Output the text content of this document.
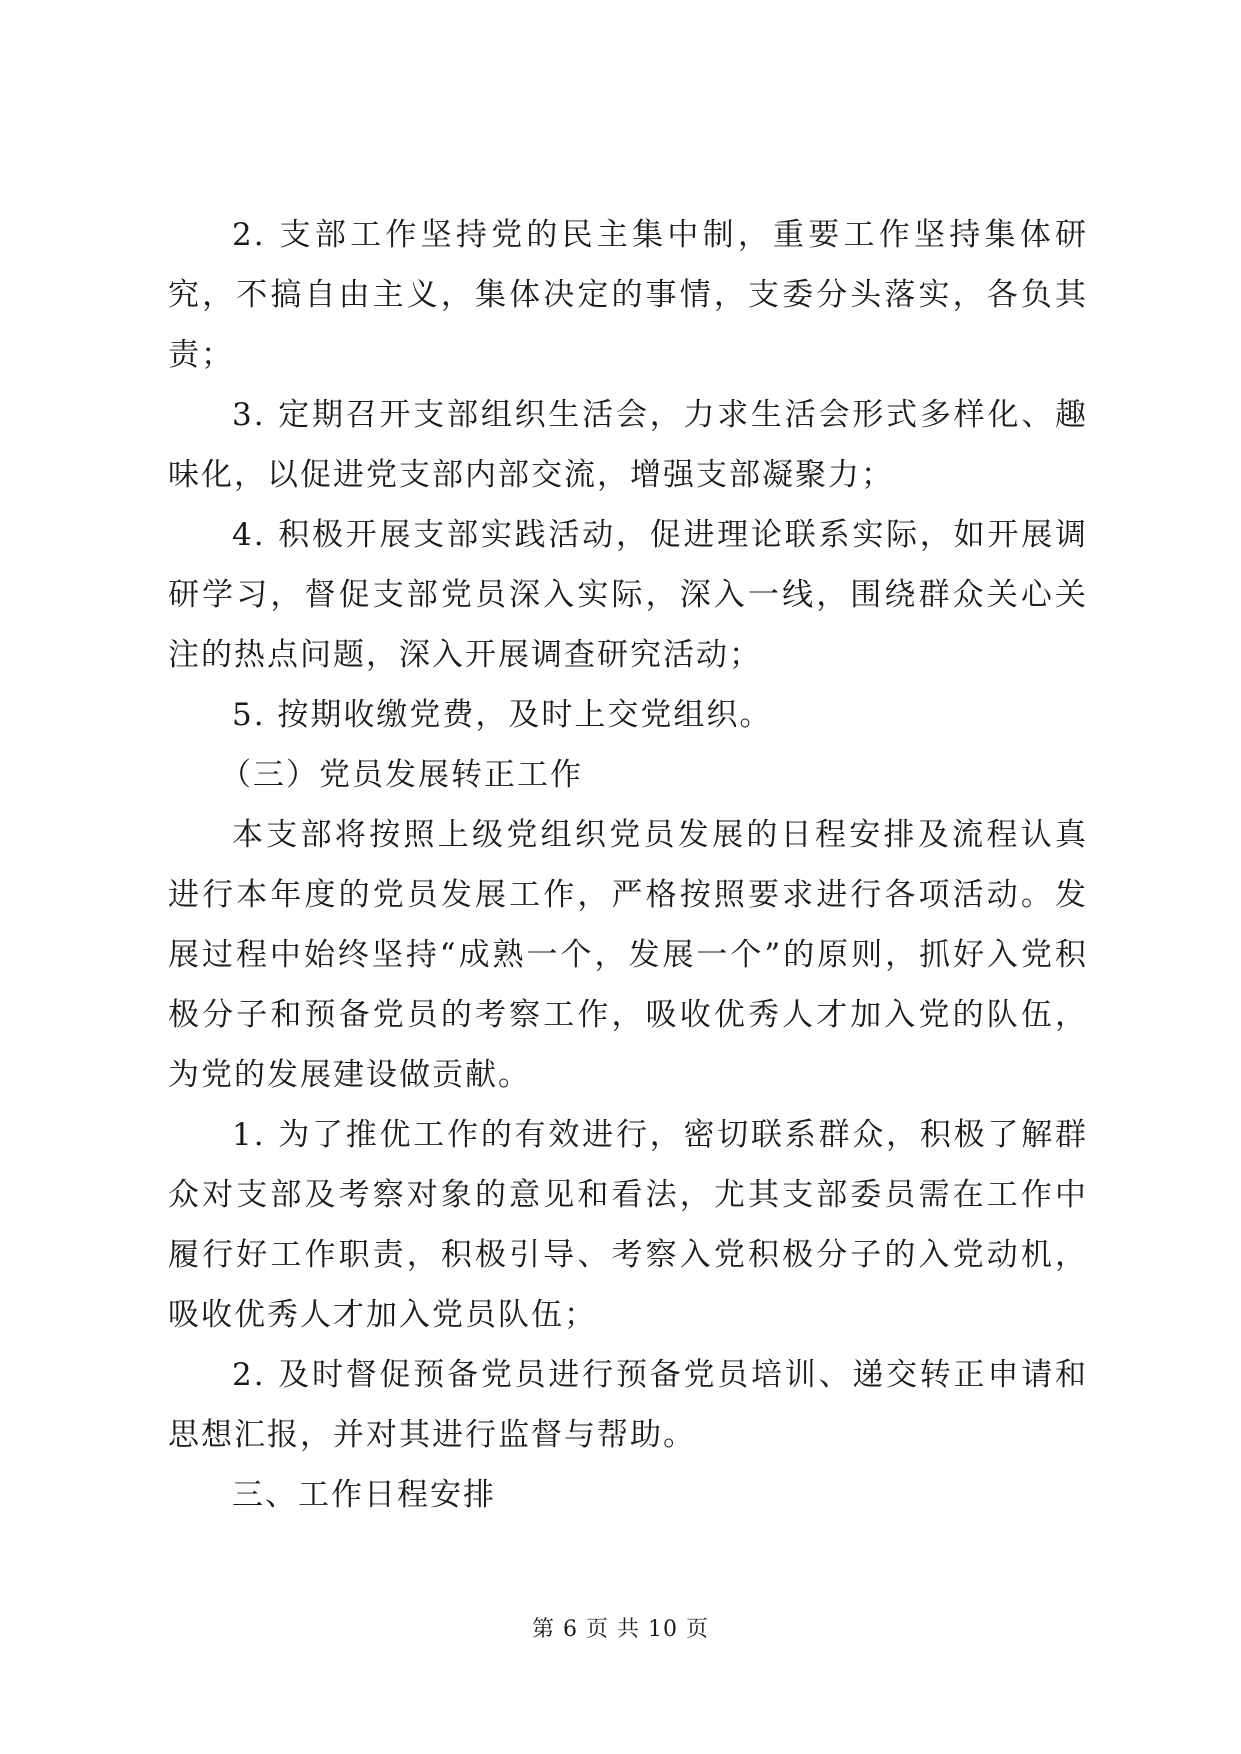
2. 支部工作坚持党的民主集中制，重要工作坚持集体研究，不搞自由主义，集体决定的事情，支委分头落实，各负其责；

3. 定期召开支部组织生活会，力求生活会形式多样化、趣味化，以促进党支部内部交流，增强支部凝聚力；

4. 积极开展支部实践活动，促进理论联系实际，如开展调研学习，督促支部党员深入实际，深入一线，围绕群众关心关注的热点问题，深入开展调查研究活动；

5. 按期收缴党费，及时上交党组织。

（三）党员发展转正工作

本支部将按照上级党组织党员发展的日程安排及流程认真进行本年度的党员发展工作，严格按照要求进行各项活动。发展过程中始终坚持“成熟一个，发展一个”的原则，抓好入党积极分子和预备党员的考察工作，吸收优秀人才加入党的队伍，为党的发展建设做贡献。

1. 为了推优工作的有效进行，密切联系群众，积极了解群众对支部及考察对象的意见和看法，尤其支部委员需在工作中履行好工作职责，积极引导、考察入党积极分子的入党动机，吸收优秀人才加入党员队伍；

2. 及时督促预备党员进行预备党员培训、递交转正申请和思想汇报，并对其进行监督与帮助。

三、工作日程安排

第 6 页 共 10 页
